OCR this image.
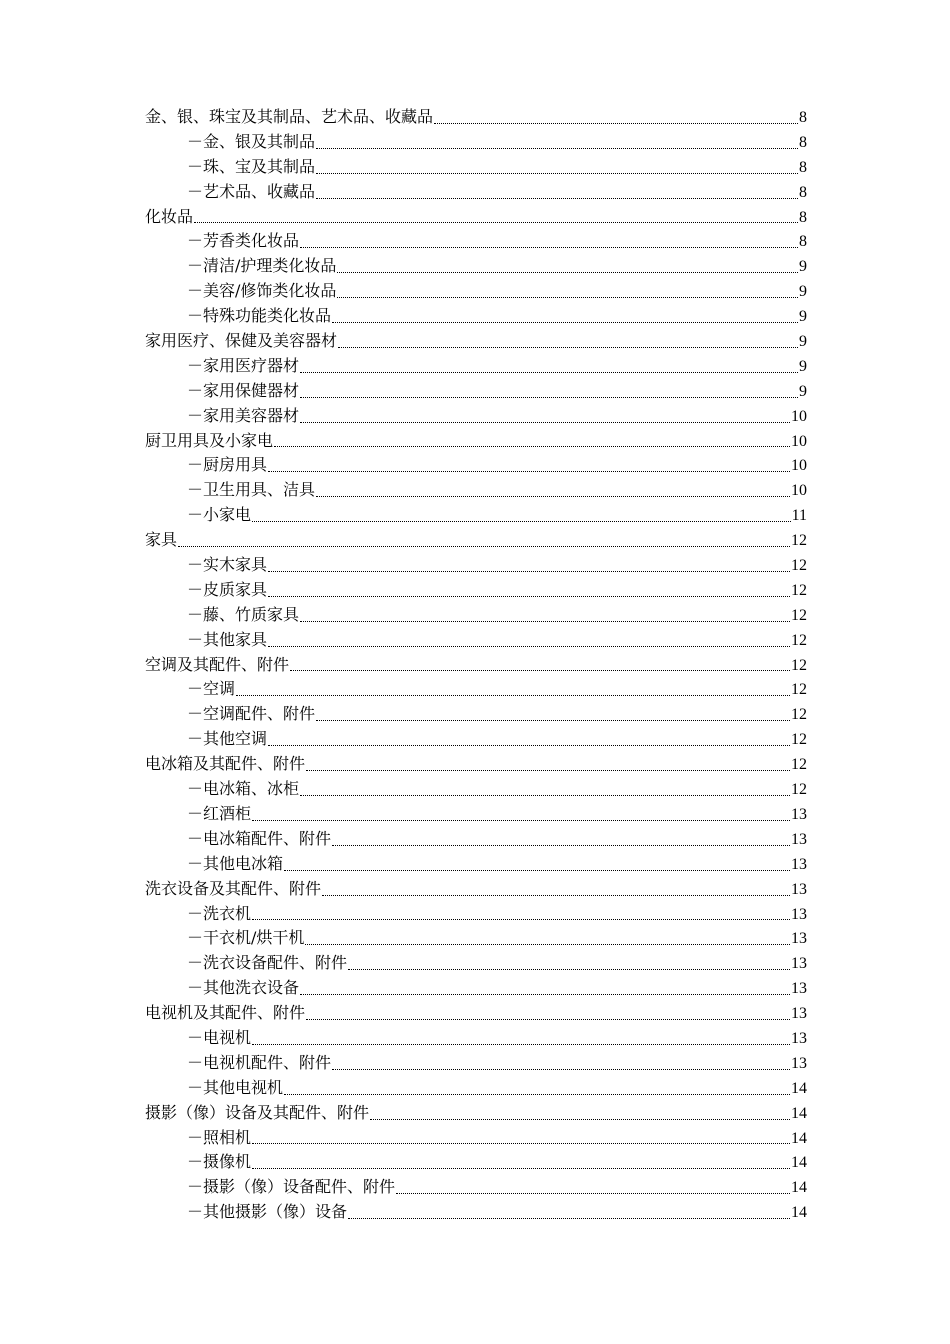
金、银、珠宝及其制品、艺术品、收藏品	8
－金、银及其制品	8
－珠、宝及其制品	8
－艺术品、收藏品	8
化妆品	8
－芳香类化妆品	8
－清洁/护理类化妆品	9
－美容/修饰类化妆品	9
－特殊功能类化妆品	9
家用医疗、保健及美容器材	9
－家用医疗器材	9
－家用保健器材	9
－家用美容器材	10
厨卫用具及小家电	10
－厨房用具	10
－卫生用具、洁具	10
－小家电	11
家具	12
－实木家具	12
－皮质家具	12
－藤、竹质家具	12
－其他家具	12
空调及其配件、附件	12
－空调	12
－空调配件、附件	12
－其他空调	12
电冰箱及其配件、附件	12
－电冰箱、冰柜	12
－红酒柜	13
－电冰箱配件、附件	13
－其他电冰箱	13
洗衣设备及其配件、附件	13
－洗衣机	13
－干衣机/烘干机	13
－洗衣设备配件、附件	13
－其他洗衣设备	13
电视机及其配件、附件	13
－电视机	13
－电视机配件、附件	13
－其他电视机	14
摄影（像）设备及其配件、附件	14
－照相机	14
－摄像机	14
－摄影（像）设备配件、附件	14
－其他摄影（像）设备	14
